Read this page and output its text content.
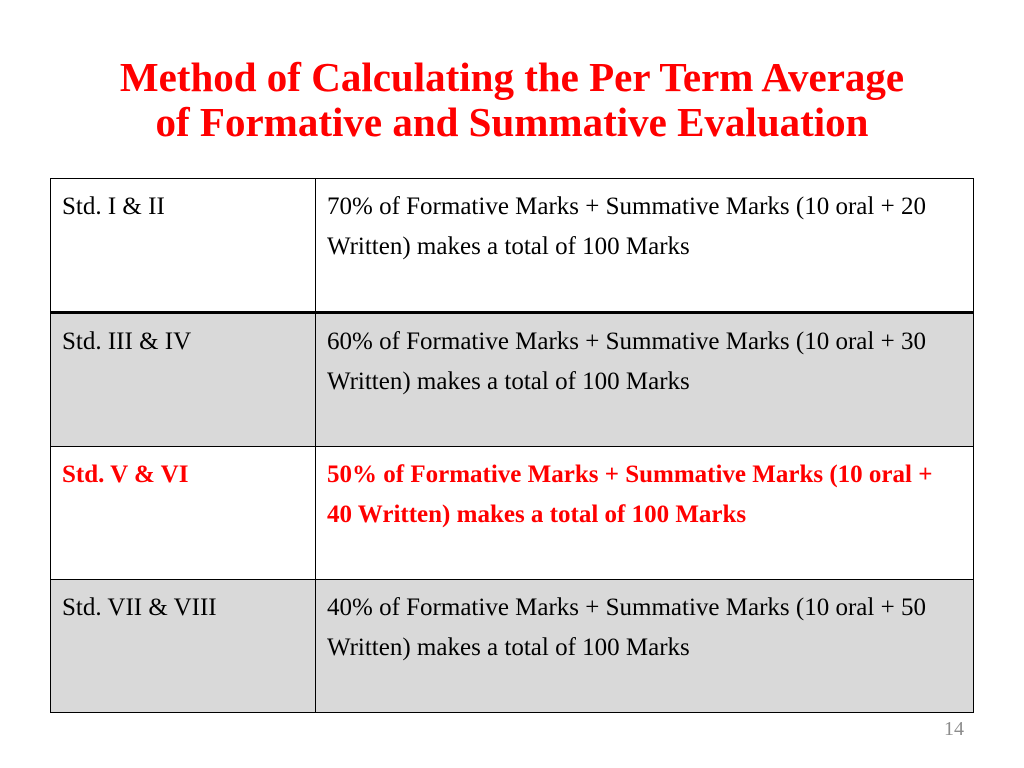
Method of Calculating the Per Term Average
of Formative and Summative Evaluation
Std. I & II	70% of Formative Marks + Summative Marks (10 oral + 20 Written) makes a total of 100 Marks
Std. III & IV	60% of Formative Marks + Summative Marks (10 oral + 30 Written) makes a total of 100 Marks
Std. V & VI	50% of Formative Marks + Summative Marks (10 oral + 40 Written) makes a total of 100 Marks
Std. VII & VIII	40% of Formative Marks + Summative Marks (10 oral + 50 Written) makes a total of 100 Marks
14
